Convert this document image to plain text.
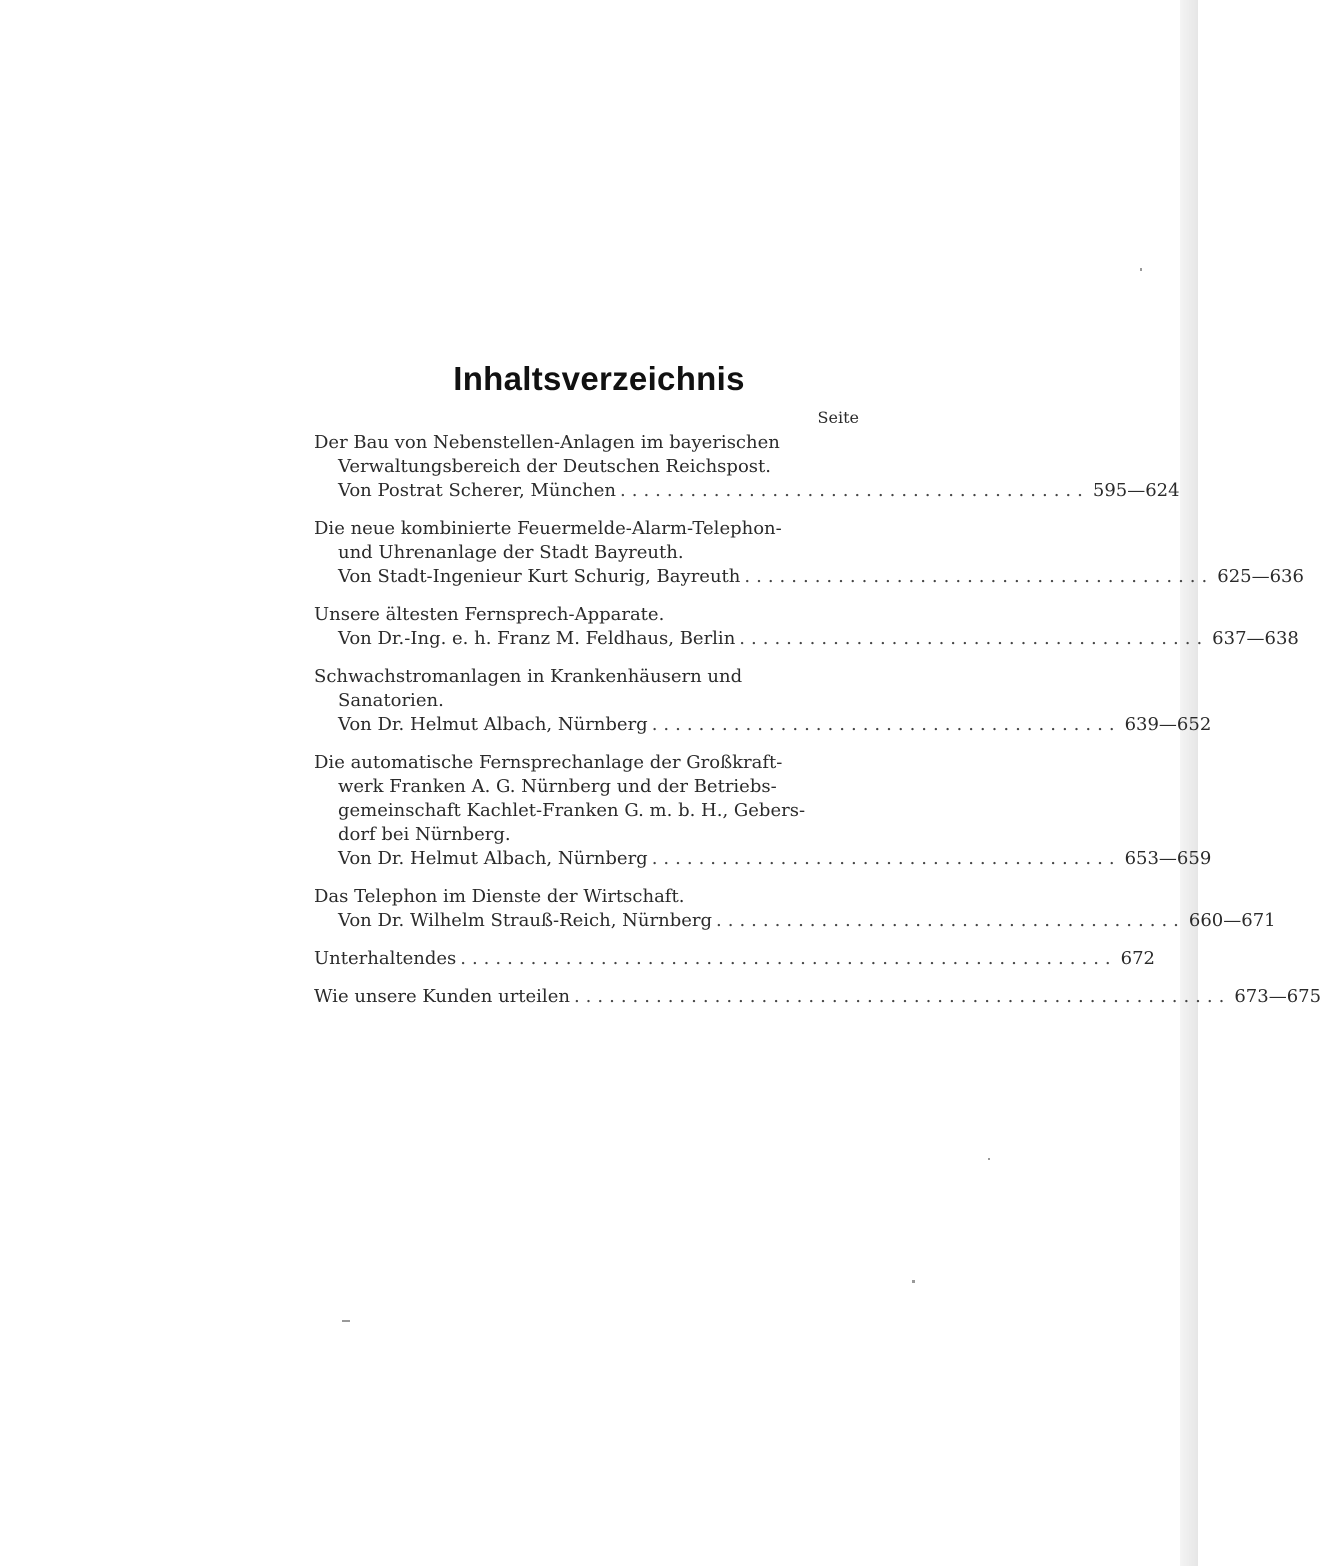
Inhaltsverzeichnis
Seite
Der Bau von Nebenstellen-Anlagen im bayerischen
Verwaltungsbereich der Deutschen Reichspost.
Von Postrat Scherer, München ........................................ 595—624
Die neue kombinierte Feuermelde-Alarm-Telephon-
und Uhrenanlage der Stadt Bayreuth.
Von Stadt-Ingenieur Kurt Schurig, Bayreuth ........................................ 625—636
Unsere ältesten Fernsprech-Apparate.
Von Dr.-Ing. e. h. Franz M. Feldhaus, Berlin ........................................ 637—638
Schwachstromanlagen in Krankenhäusern und
Sanatorien.
Von Dr. Helmut Albach, Nürnberg ........................................ 639—652
Die automatische Fernsprechanlage der Großkraft-
werk Franken A. G. Nürnberg und der Betriebs-
gemeinschaft Kachlet-Franken G. m. b. H., Gebers-
dorf bei Nürnberg.
Von Dr. Helmut Albach, Nürnberg ........................................ 653—659
Das Telephon im Dienste der Wirtschaft.
Von Dr. Wilhelm Strauß-Reich, Nürnberg ........................................ 660—671
Unterhaltendes ........................................................ 672
Wie unsere Kunden urteilen ........................................................ 673—675
